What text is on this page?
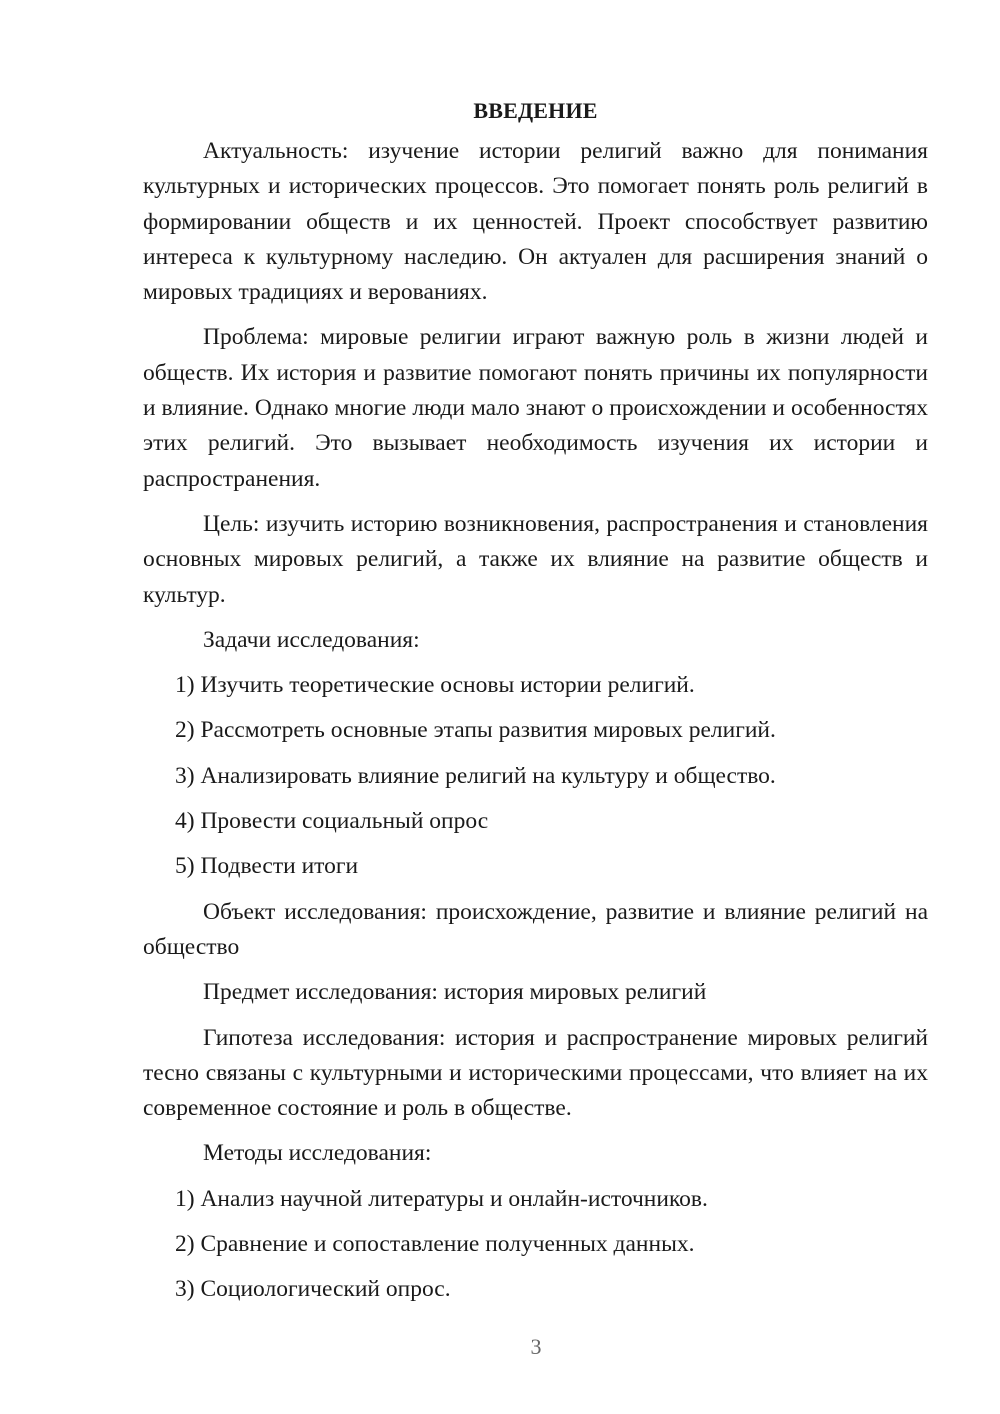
ВВЕДЕНИЕ

Актуальность: изучение истории религий важно для понимания культурных и исторических процессов. Это помогает понять роль религий в формировании обществ и их ценностей. Проект способствует развитию интереса к культурному наследию. Он актуален для расширения знаний о мировых традициях и верованиях.

Проблема: мировые религии играют важную роль в жизни людей и обществ. Их история и развитие помогают понять причины их популярности и влияние. Однако многие люди мало знают о происхождении и особенностях этих религий. Это вызывает необходимость изучения их истории и распространения.

Цель: изучить историю возникновения, распространения и становления основных мировых религий, а также их влияние на развитие обществ и культур.

Задачи исследования:

1) Изучить теоретические основы истории религий.

2) Рассмотреть основные этапы развития мировых религий.

3) Анализировать влияние религий на культуру и общество.

4) Провести социальный опрос

5) Подвести итоги

Объект исследования: происхождение, развитие и влияние религий на общество

Предмет исследования: история мировых религий

Гипотеза исследования: история и распространение мировых религий тесно связаны с культурными и историческими процессами, что влияет на их современное состояние и роль в обществе.

Методы исследования:

1) Анализ научной литературы и онлайн-источников.

2) Сравнение и сопоставление полученных данных.

3) Социологический опрос.

3
